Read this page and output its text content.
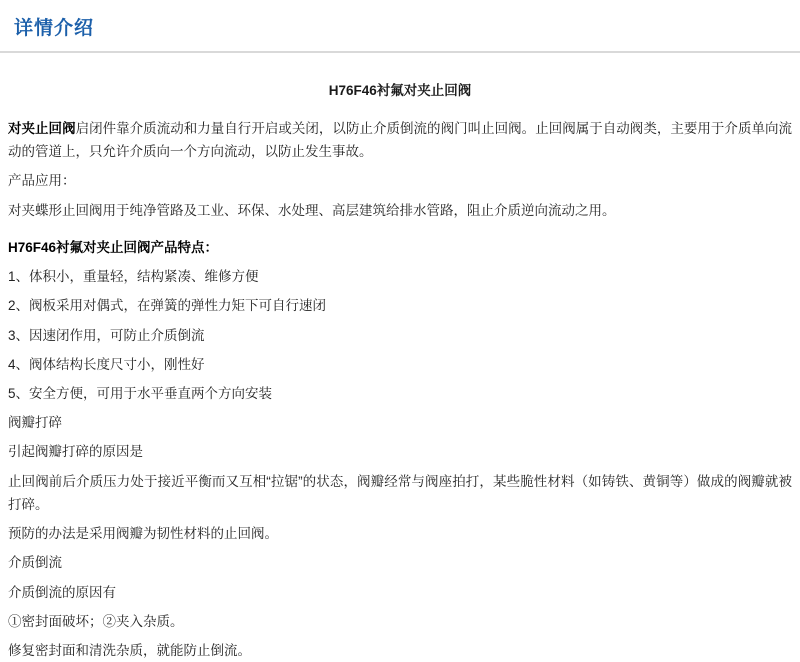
详情介绍
H76F46衬氟对夹止回阀

对夹止回阀启闭件靠介质流动和力量自行开启或关闭，以防止介质倒流的阀门叫止回阀。止回阀属于自动阀类，主要用于介质单向流动的管道上，只允许介质向一个方向流动，以防止发生事故。

产品应用：

对夹蝶形止回阀用于纯净管路及工业、环保、水处理、高层建筑给排水管路，阻止介质逆向流动之用。

H76F46衬氟对夹止回阀产品特点：

1、体积小，重量轻，结构紧凑、维修方便

2、阀板采用对偶式，在弹簧的弹性力矩下可自行速闭

3、因速闭作用，可防止介质倒流

4、阀体结构长度尺寸小，刚性好

5、安全方便，可用于水平垂直两个方向安装

阀瓣打碎

引起阀瓣打碎的原因是

止回阀前后介质压力处于接近平衡而又互相“拉锯”的状态，阀瓣经常与阀座拍打，某些脆性材料（如铸铁、黄铜等）做成的阀瓣就被打碎。

预防的办法是采用阀瓣为韧性材料的止回阀。

介质倒流

介质倒流的原因有

①密封面破坏；②夹入杂质。

修复密封面和清洗杂质，就能防止倒流。
